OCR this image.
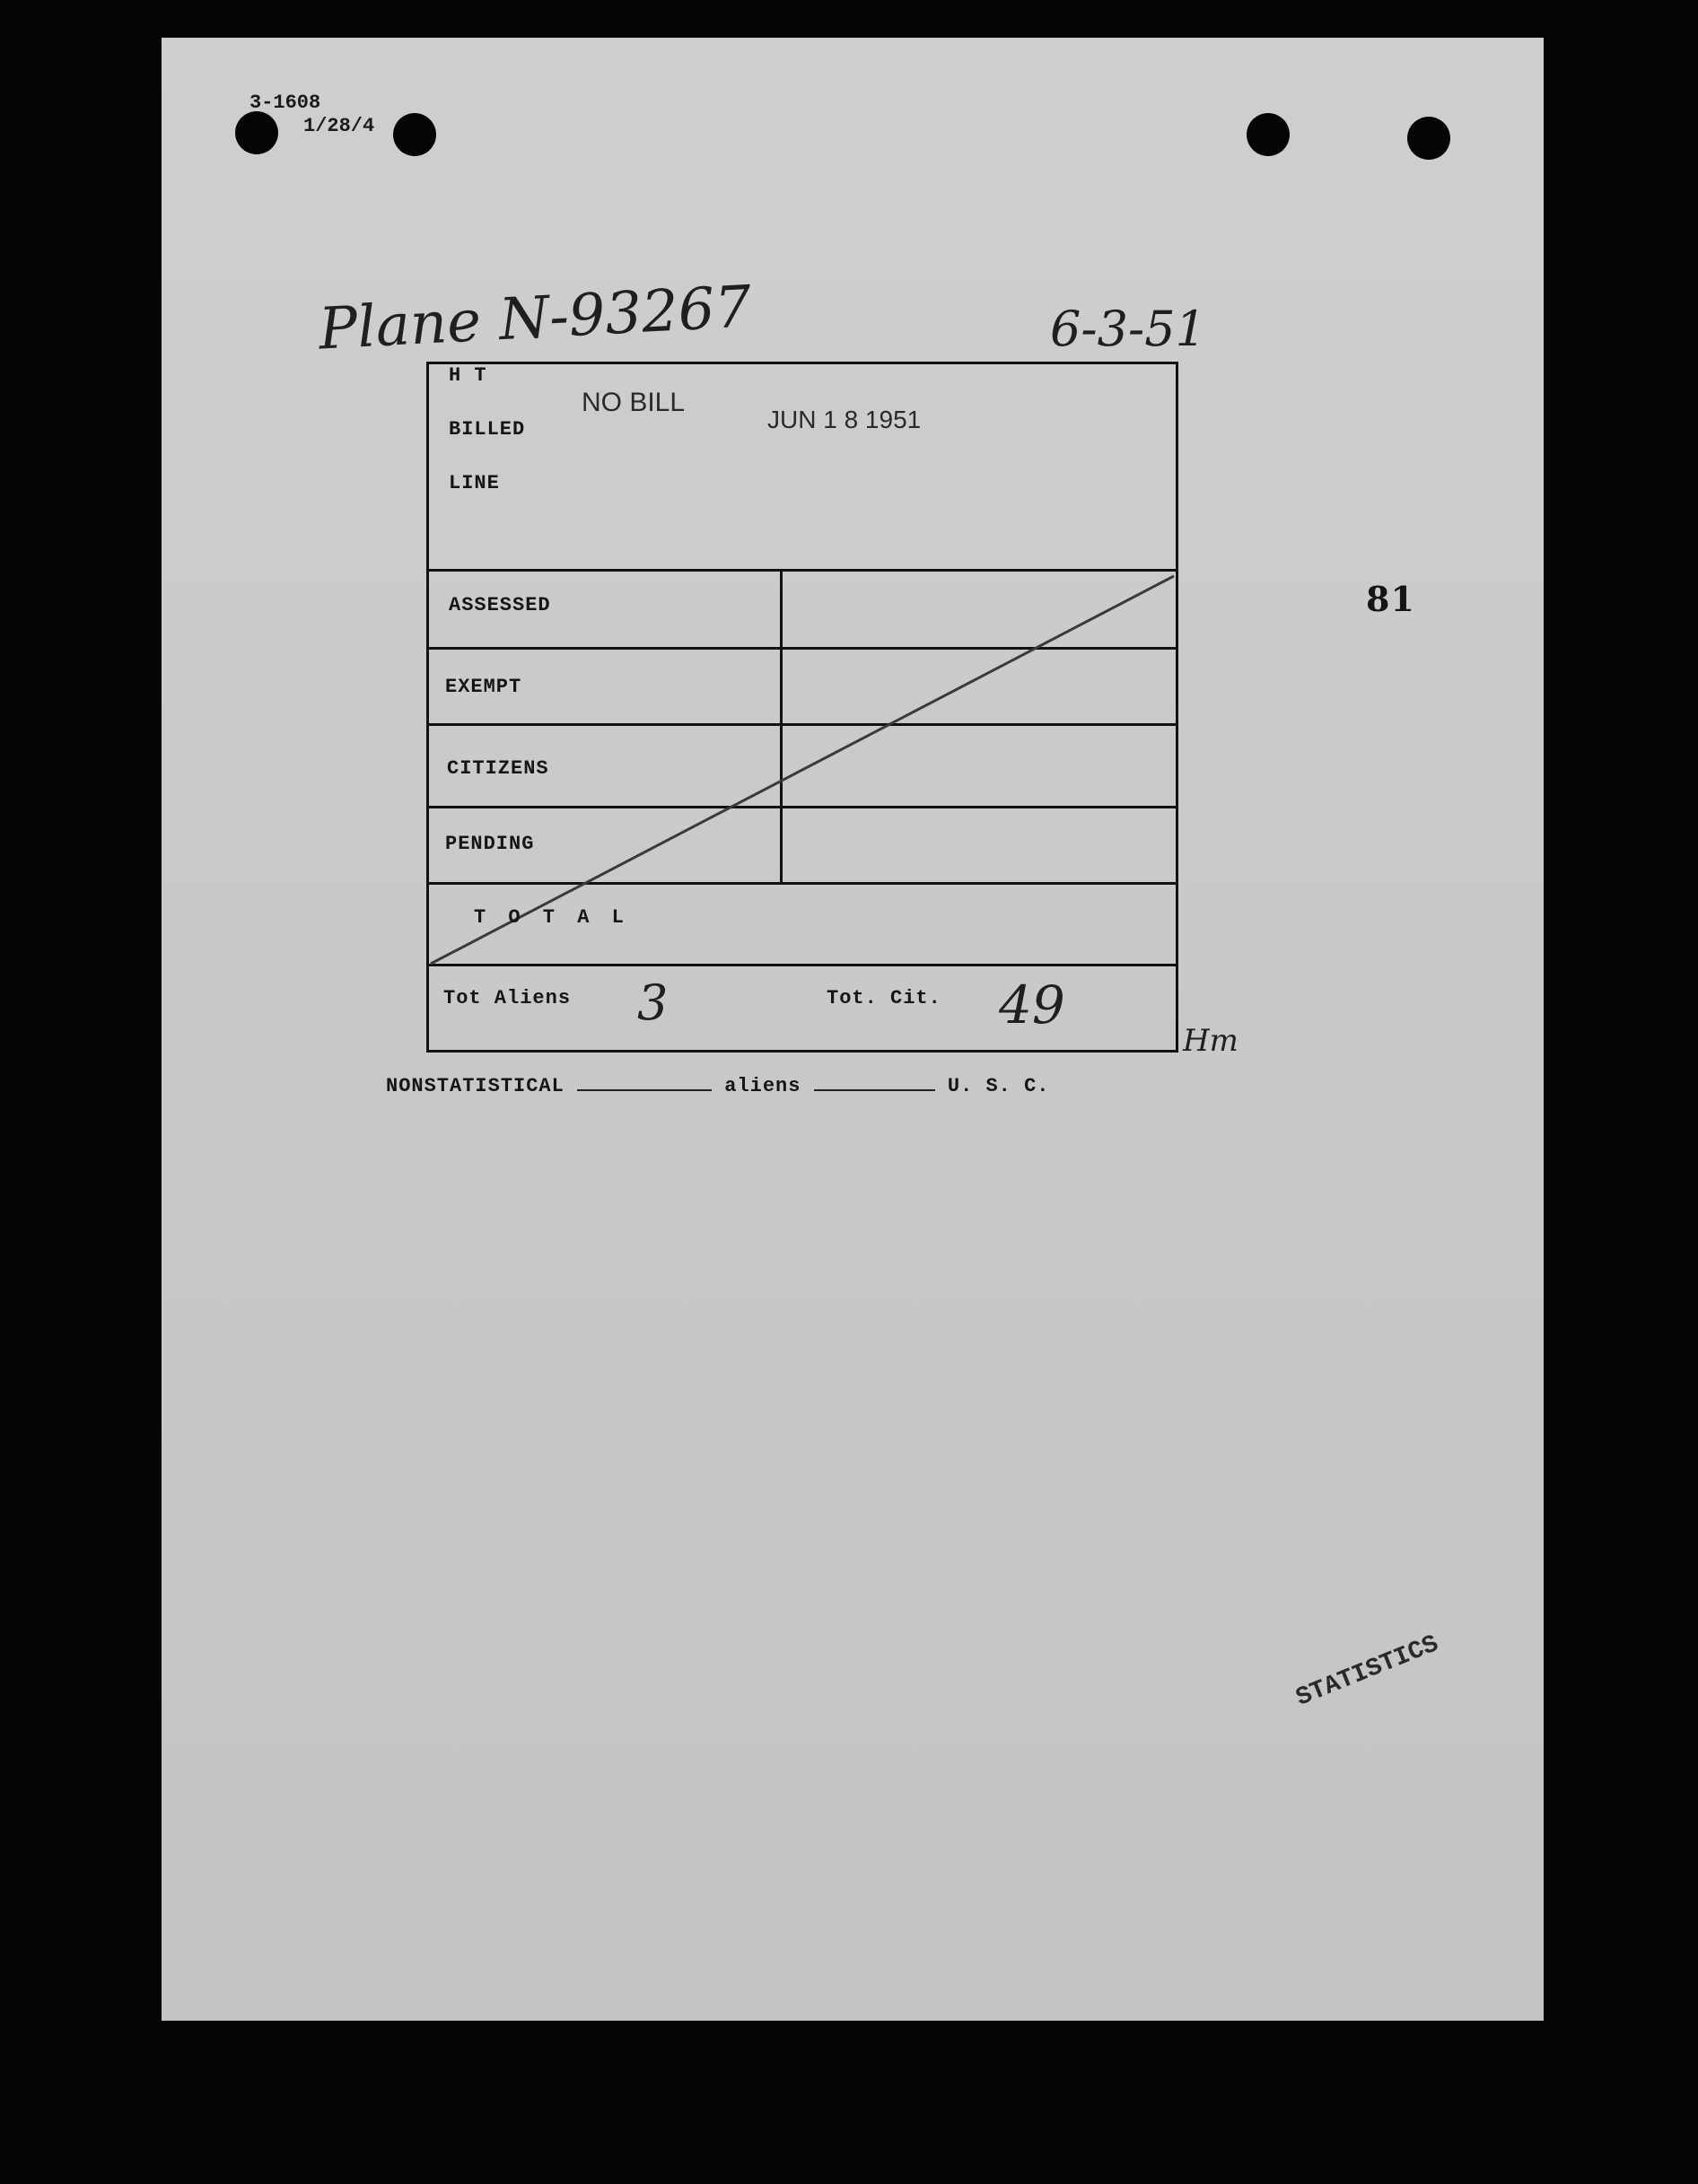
3-1608
1/28/4
Plane N-93267	6-3-51
NO BILL
JUN 1 8 1951
81
H T
BILLED
LINE
ASSESSED
EXEMPT
CITIZENS
PENDING
T O T A L
Tot Aliens 3	Tot. Cit. 49
Hm
NONSTATISTICAL	aliens	U. S. C.
STATISTICS
